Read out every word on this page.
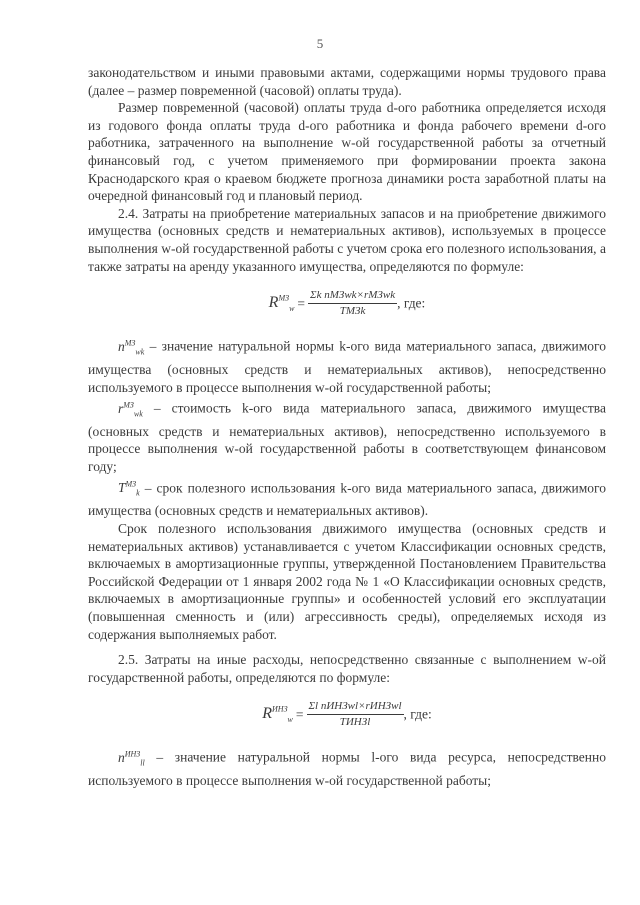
5

законодательством и иными правовыми актами, содержащими нормы трудового права (далее – размер повременной (часовой) оплаты труда).

Размер повременной (часовой) оплаты труда d-ого работника определяется исходя из годового фонда оплаты труда d-ого работника и фонда рабочего времени d-ого работника, затраченного на выполнение w-ой государственной работы за отчетный финансовый год, с учетом применяемого при формировании проекта закона Краснодарского края о краевом бюджете прогноза динамики роста заработной платы на очередной финансовый год и плановый период.

2.4. Затраты на приобретение материальных запасов и на приобретение движимого имущества (основных средств и нематериальных активов), используемых в процессе выполнения w-ой государственной работы с учетом срока его полезного использования, а также затраты на аренду указанного имущества, определяются по формуле:

$R^{МЗ}_w = \frac{\text{Σk nМЗwk×rМЗwk}}{\text{TМЗk}}$ , где:

$n^{МЗ}_{wk}$ – значение натуральной нормы k-ого вида материального запаса, движимого имущества (основных средств и нематериальных активов), непосредственно используемого в процессе выполнения w-ой государственной работы;

$r^{МЗ}_{wk}$ – стоимость k-ого вида материального запаса, движимого имущества (основных средств и нематериальных активов), непосредственно используемого в процессе выполнения w-ой государственной работы в соответствующем финансовом году;

$T^{МЗ}_k$ – срок полезного использования k-ого вида материального запаса, движимого имущества (основных средств и нематериальных активов).

Срок полезного использования движимого имущества (основных средств и нематериальных активов) устанавливается с учетом Классификации основных средств, включаемых в амортизационные группы, утвержденной Постановлением Правительства Российской Федерации от 1 января 2002 года № 1 «О Классификации основных средств, включаемых в амортизационные группы» и особенностей условий его эксплуатации (повышенная сменность и (или) агрессивность среды), определяемых исходя из содержания выполняемых работ.

2.5. Затраты на иные расходы, непосредственно связанные с выполнением w-ой государственной работы, определяются по формуле:

$R^{ИНЗ}_w = \frac{\text{Σl nИНЗwl×rИНЗwl}}{\text{TИНЗl}}$ , где:

$n^{ИНЗ}_{ll}$ – значение натуральной нормы l-ого вида ресурса, непосредственно используемого в процессе выполнения w-ой государственной работы;
